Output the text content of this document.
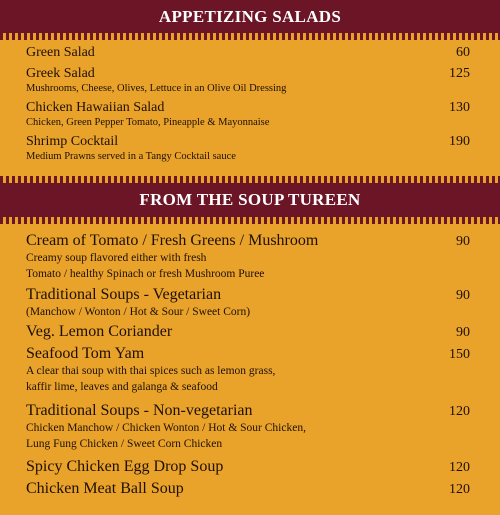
APPETIZING SALADS
Green Salad	60
Greek Salad	125
Mushrooms, Cheese, Olives, Lettuce in an Olive Oil Dressing
Chicken Hawaiian Salad	130
Chicken, Green Pepper Tomato, Pineapple & Mayonnaise
Shrimp Cocktail	190
Medium Prawns served in a Tangy Cocktail sauce
FROM THE SOUP TUREEN
Cream of Tomato / Fresh Greens / Mushroom	90
Creamy soup flavored either with fresh
Tomato / healthy Spinach or fresh Mushroom Puree
Traditional Soups - Vegetarian	90
(Manchow / Wonton / Hot & Sour / Sweet Corn)
Veg. Lemon Coriander	90
Seafood Tom Yam	150
A clear thai soup with thai spices such as lemon grass,
kaffir lime, leaves and galanga & seafood
Traditional Soups - Non-vegetarian	120
Chicken Manchow / Chicken Wonton / Hot & Sour Chicken,
Lung Fung Chicken / Sweet Corn Chicken
Spicy Chicken Egg Drop Soup	120
Chicken Meat Ball Soup	120
